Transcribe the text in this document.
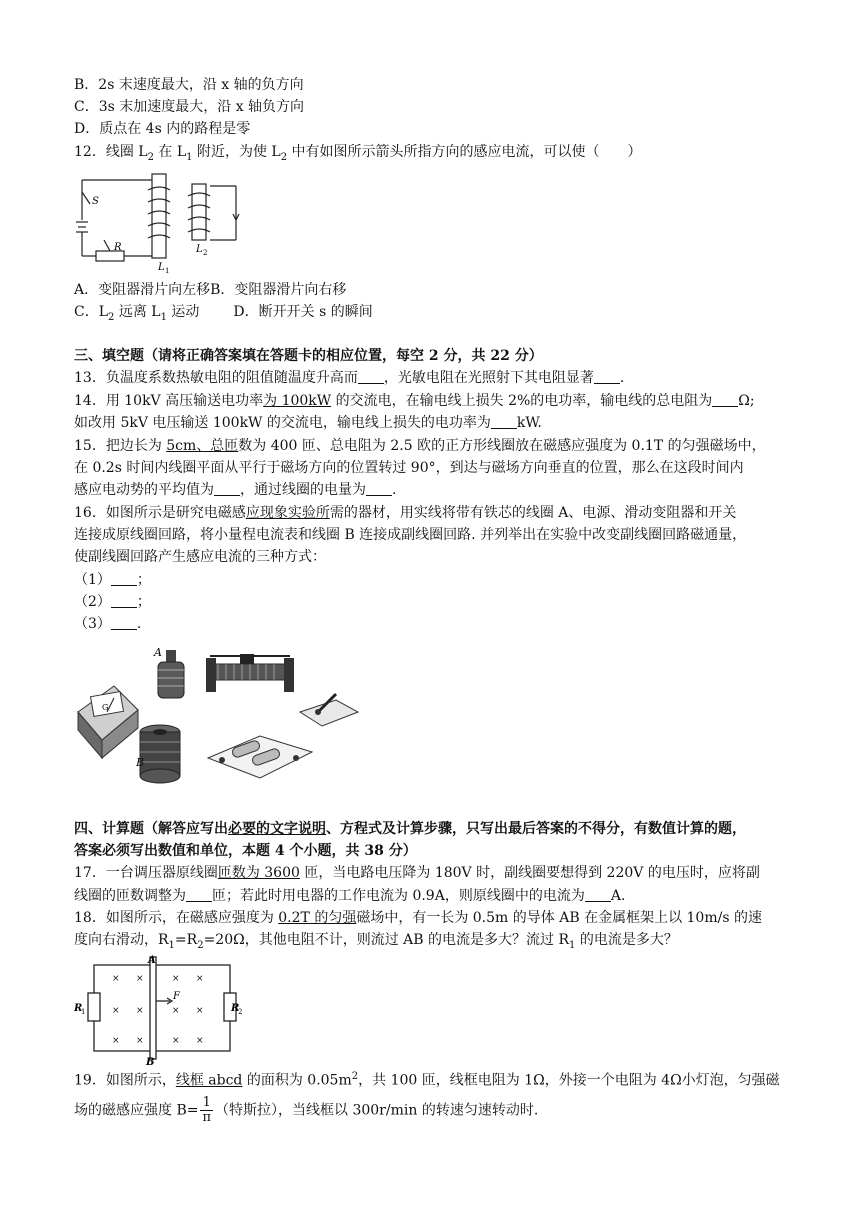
B．2s 末速度最大，沿 x 轴的负方向
C．3s 末加速度最大，沿 x 轴负方向
D．质点在 4s 内的路程是零
12．线圈 $L_2$ 在 $L_1$ 附近，为使 $L_2$ 中有如图所示箭头所指方向的感应电流，可以使（　　）
S
R
L 1
L 2
A．变阻器滑片向左移B．变阻器滑片向右移
C．$L_2$ 远离 $L_1$ 运动 D．断开开关 s 的瞬间
三、填空题（请将正确答案填在答题卡的相应位置，每空 2 分，共 22 分）
13．负温度系数热敏电阻的阻值随温度升高而 ，光敏电阻在光照射下其电阻显著 .
14．用 10kV 高压输送电功率为 100kW 的交流电，在输电线上损失 2%的电功率，输电线的总电阻为 Ω;
如改用 5kV 电压输送 100kW 的交流电，输电线上损失的电功率为 kW.
15．把边长为 5cm、总匝数为 400 匝、总电阻为 2.5 欧的正方形线圈放在磁感应强度为 0.1T 的匀强磁场中，
在 0.2s 时间内线圈平面从平行于磁场方向的位置转过 90°，到达与磁场方向垂直的位置，那么在这段时间内
感应电动势的平均值为 ，通过线圈的电量为 .
16．如图所示是研究电磁感应现象实验所需的器材，用实线将带有铁芯的线圈 A、电源、滑动变阻器和开关
连接成原线圈回路，将小量程电流表和线圈 B 连接成副线圈回路. 并列举出在实验中改变副线圈回路磁通量，
使副线圈回路产生感应电流的三种方式：
（1） ；
（2） ；
（3） .
G
A
B
四、计算题（解答应写出必要的文字说明、方程式及计算步骤，只写出最后答案的不得分，有数值计算的题，
答案必须写出数值和单位，本题 4 个小题，共 38 分）
17．一台调压器原线圈匝数为 3600 匝，当电路电压降为 180V 时，副线圈要想得到 220V 的电压时，应将副
线圈的匝数调整为 匝；若此时用电器的工作电流为 0.9A，则原线圈中的电流为 A.
18．如图所示，在磁感应强度为 0.2T 的匀强磁场中，有一长为 0.5m 的导体 AB 在金属框架上以 10m/s 的速
度向右滑动，$R_1=R_2=20\Omega$，其他电阻不计，则流过 AB 的电流是多大？流过 $R_1$ 的电流是多大？
× ×	× ×
× ×	× ×
× ×	× ×
A
B
F
R
1	R
2
19．如图所示，线框 abcd 的面积为 $0.05m^2$，共 100 匝，线框电阻为 1Ω，外接一个电阻为 4Ω小灯泡，匀强磁
场的磁感应强度 $B= \frac{1}{\pi}$ （特斯拉），当线框以 300r/min 的转速匀速转动时.
